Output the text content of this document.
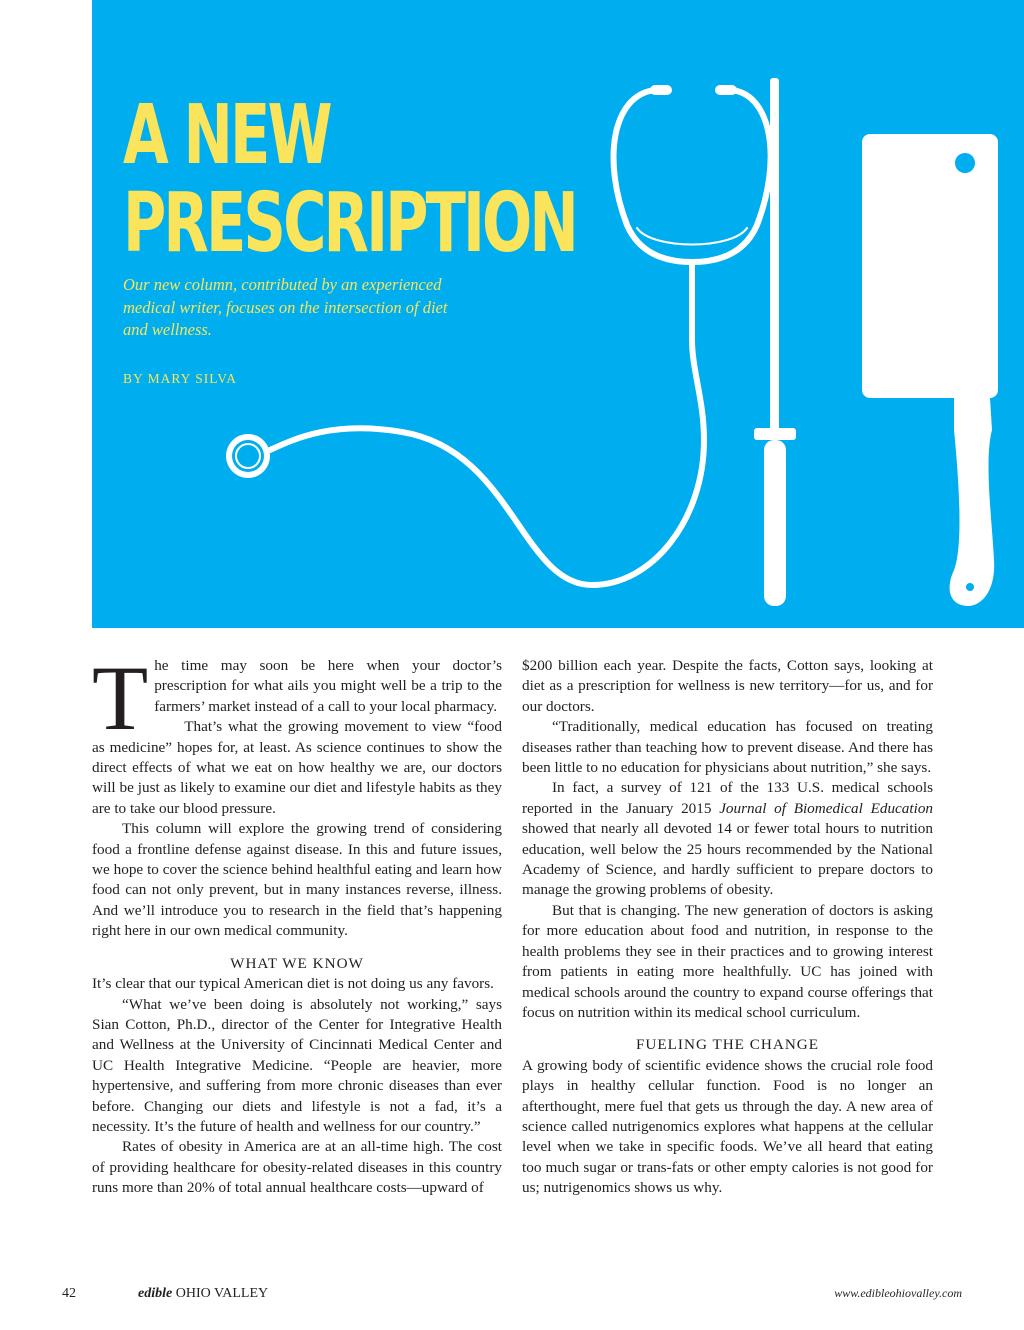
A NEW
PRESCRIPTION

Our new column, contributed by an experienced medical writer, focuses on the intersection of diet and wellness.

BY MARY SILVA

The time may soon be here when your doctor’s prescription for what ails you might well be a trip to the farmers’ market instead of a call to your local pharmacy.

That’s what the growing movement to view “food as medicine” hopes for, at least. As science continues to show the direct effects of what we eat on how healthy we are, our doctors will be just as likely to examine our diet and lifestyle habits as they are to take our blood pressure.

This column will explore the growing trend of considering food a frontline defense against disease. In this and future issues, we hope to cover the science behind healthful eating and learn how food can not only prevent, but in many instances reverse, illness. And we’ll introduce you to research in the field that’s happening right here in our own medical community.

WHAT WE KNOW

It’s clear that our typical American diet is not doing us any favors.

“What we’ve been doing is absolutely not working,” says Sian Cotton, Ph.D., director of the Center for Integrative Health and Wellness at the University of Cincinnati Medical Center and UC Health Integrative Medicine. “People are heavier, more hypertensive, and suffering from more chronic diseases than ever before. Changing our diets and lifestyle is not a fad, it’s a necessity. It’s the future of health and wellness for our country.”

Rates of obesity in America are at an all-time high. The cost of providing healthcare for obesity-related diseases in this country runs more than 20% of total annual healthcare costs—upward of

$200 billion each year. Despite the facts, Cotton says, looking at diet as a prescription for wellness is new territory—for us, and for our doctors.

“Traditionally, medical education has focused on treating diseases rather than teaching how to prevent disease. And there has been little to no education for physicians about nutrition,” she says.

In fact, a survey of 121 of the 133 U.S. medical schools reported in the January 2015 Journal of Biomedical Education showed that nearly all devoted 14 or fewer total hours to nutrition education, well below the 25 hours recommended by the National Academy of Science, and hardly sufficient to prepare doctors to manage the growing problems of obesity.

But that is changing. The new generation of doctors is asking for more education about food and nutrition, in response to the health problems they see in their practices and to growing interest from patients in eating more healthfully. UC has joined with medical schools around the country to expand course offerings that focus on nutrition within its medical school curriculum.

FUELING THE CHANGE

A growing body of scientific evidence shows the crucial role food plays in healthy cellular function. Food is no longer an afterthought, mere fuel that gets us through the day. A new area of science called nutrigenomics explores what happens at the cellular level when we take in specific foods. We’ve all heard that eating too much sugar or trans-fats or other empty calories is not good for us; nutrigenomics shows us why.

42	edible OHIO VALLEY	www.edibleohiovalley.com
